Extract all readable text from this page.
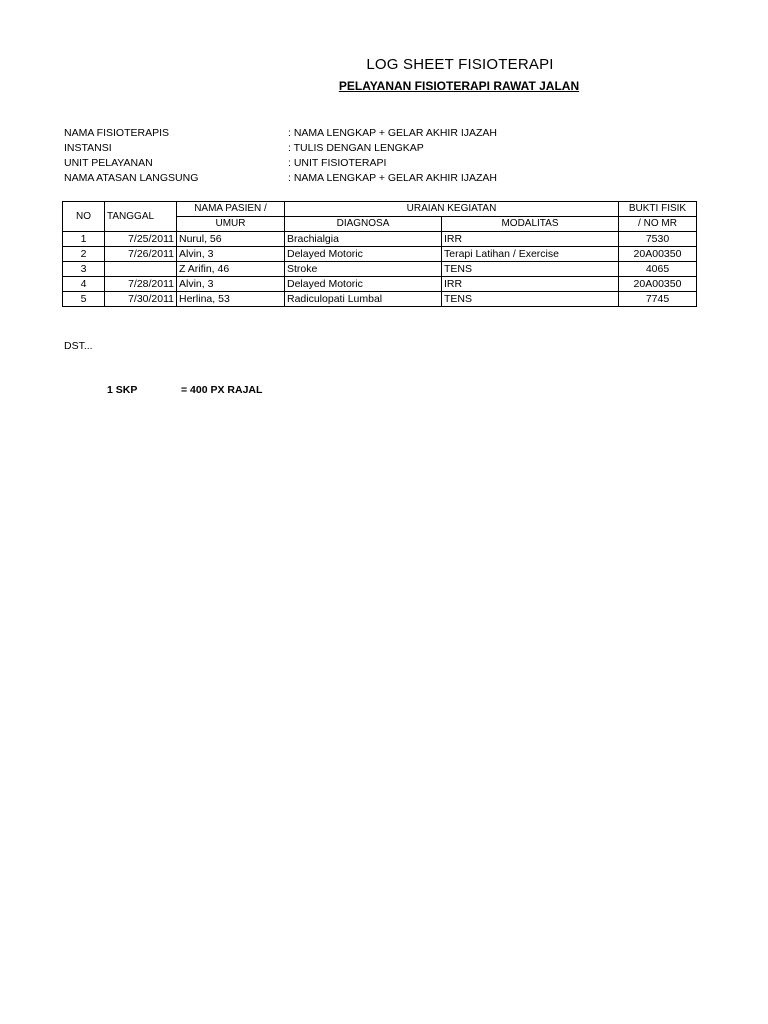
LOG SHEET FISIOTERAPI
PELAYANAN FISIOTERAPI RAWAT JALAN
NAMA FISIOTERAPIS	: NAMA LENGKAP + GELAR AKHIR IJAZAH
INSTANSI	: TULIS DENGAN LENGKAP
UNIT PELAYANAN	: UNIT FISIOTERAPI
NAMA ATASAN LANGSUNG	: NAMA LENGKAP + GELAR AKHIR IJAZAH
NO	TANGGAL	NAMA PASIEN /	URAIAN KEGIATAN		BUKTI FISIK
		UMUR	DIAGNOSA	MODALITAS	/ NO MR
1	7/25/2011	Nurul, 56	Brachialgia	IRR	7530
2	7/26/2011	Alvin, 3	Delayed Motoric	Terapi Latihan / Exercise	20A00350
3		Z Arifin, 46	Stroke	TENS	4065
4	7/28/2011	Alvin, 3	Delayed Motoric	IRR	20A00350
5	7/30/2011	Herlina, 53	Radiculopati Lumbal	TENS	7745
DST...
1 SKP	= 400 PX RAJAL
